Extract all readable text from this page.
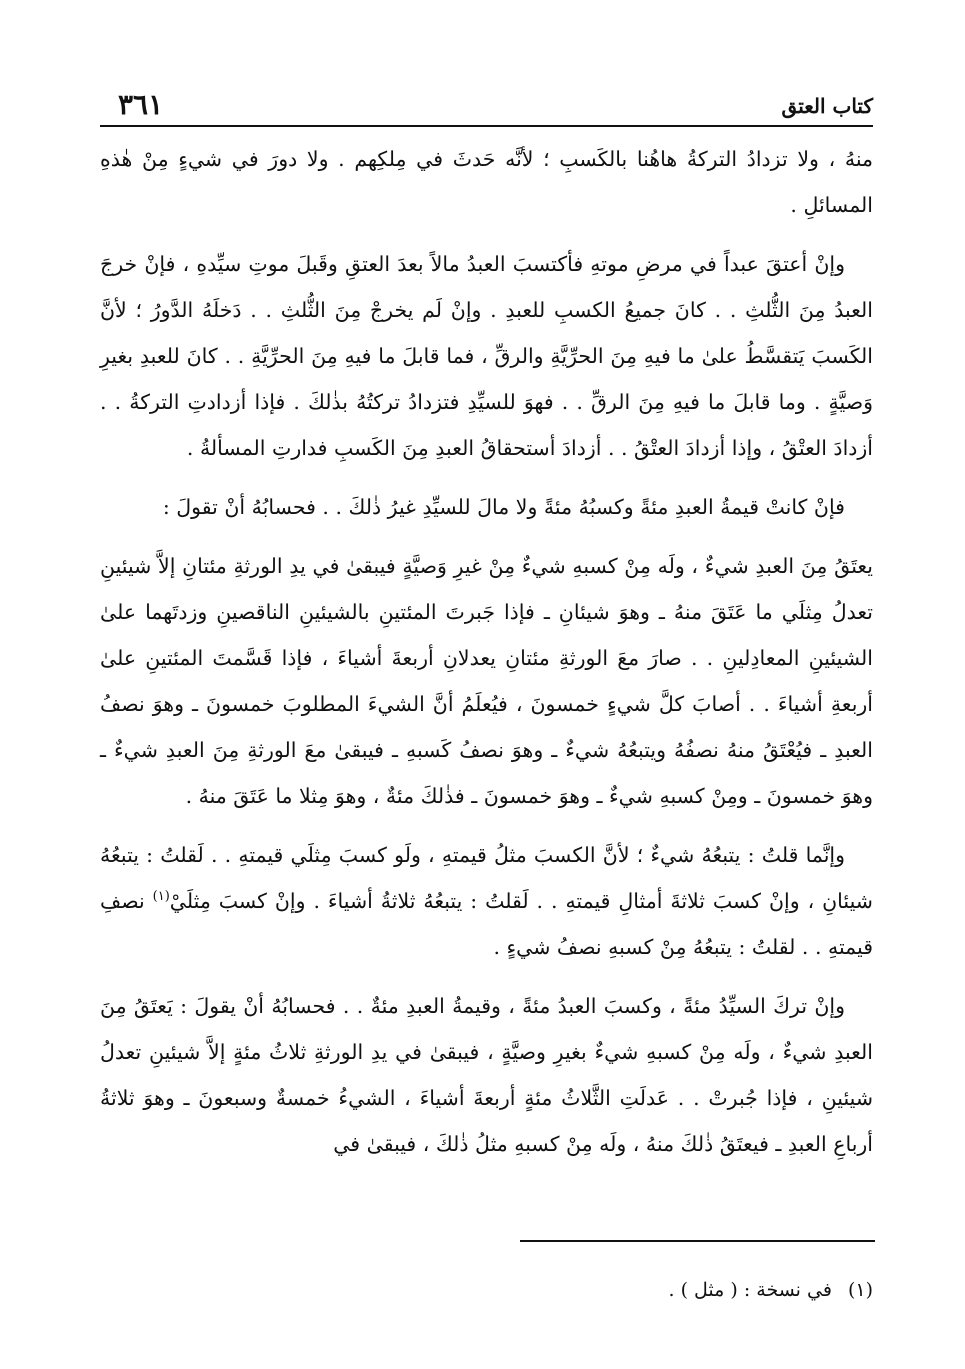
كتاب العتق
٣٦١

منهُ ، ولا تزدادُ التركةُ هاهُنا بالكَسبِ ؛ لأنَّه حَدثَ في مِلكِهم . ولا دورَ في شيءٍ مِنْ هٰذهِ المسائلِ .

وإنْ أعتقَ عبداً في مرضِ موتهِ فأكتسبَ العبدُ مالاً بعدَ العتقِ وقَبلَ موتِ سيِّدهِ ، فإنْ خرجَ العبدُ مِنَ الثُّلثِ . . كانَ جميعُ الكسبِ للعبدِ . وإنْ لَم يخرجْ مِنَ الثُّلثِ . . دَخلَهُ الدَّورُ ؛ لأنَّ الكَسبَ يَتقسَّطُ علىٰ ما فيهِ مِنَ الحرِّيَّةِ والرقِّ ، فما قابلَ ما فيهِ مِنَ الحرِّيَّةِ . . كانَ للعبدِ بغيرِ وَصيَّةٍ . وما قابلَ ما فيهِ مِنَ الرقِّ . . فهوَ للسيِّدِ فتزدادُ تركتُهُ بذٰلكَ . فإذا أزدادتِ التركةُ . . أزدادَ العتْقُ ، وإذا أزدادَ العتْقُ . . أزدادَ أستحقاقُ العبدِ مِنَ الكَسبِ فدارتِ المسألةُ .

فإنْ كانتْ قيمةُ العبدِ مئةً وكسبُهُ مئةً ولا مالَ للسيِّدِ غيرُ ذٰلكَ . . فحسابُهُ أنْ تقولَ :

يعتَقُ مِنَ العبدِ شيءٌ ، ولَه مِنْ كسبهِ شيءٌ مِنْ غيرِ وَصيَّةٍ فيبقىٰ في يدِ الورثةِ مئتانِ إلاَّ شيئينِ تعدلُ مِثلَي ما عَتَقَ منهُ ـ وهوَ شيئانِ ـ فإذا جَبرتَ المئتينِ بالشيئينِ الناقصينِ وزدتَهما علىٰ الشيئينِ المعادِلينِ . . صارَ معَ الورثةِ مئتانِ يعدلانِ أربعةَ أشياءَ ، فإذا قَسَّمتَ المئتينِ علىٰ أربعةِ أشياءَ . . أصابَ كلَّ شيءٍ خمسونَ ، فيُعلَمُ أنَّ الشيءَ المطلوبَ خمسونَ ـ وهوَ نصفُ العبدِ ـ فيُعْتَقُ منهُ نصفُهُ ويتبعُهُ شيءٌ ـ وهوَ نصفُ كَسبهِ ـ فيبقىٰ معَ الورثةِ مِنَ العبدِ شيءٌ ـ وهوَ خمسونَ ـ ومِنْ كسبهِ شيءٌ ـ وهوَ خمسونَ ـ فذٰلكَ مئةٌ ، وهوَ مِثلا ما عَتَقَ منهُ .

وإنَّما قلتُ : يتبعُهُ شيءٌ ؛ لأنَّ الكسبَ مثلُ قيمتهِ ، ولَو كسبَ مِثلَي قيمتهِ . . لَقلتُ : يتبعُهُ شيئانِ ، وإنْ كسبَ ثلاثةَ أمثالِ قيمتهِ . . لَقلتُ : يتبعُهُ ثلاثةُ أشياءَ . وإنْ كسبَ مِثلَيْ$^{(١)}$ نصفِ قيمتهِ . . لقلتُ : يتبعُهُ مِنْ كسبهِ نصفُ شيءٍ .

وإنْ تركَ السيِّدُ مئةً ، وكسبَ العبدُ مئةً ، وقيمةُ العبدِ مئةٌ . . فحسابُهُ أنْ يقولَ : يَعتَقُ مِنَ العبدِ شيءٌ ، ولَه مِنْ كسبهِ شيءٌ بغيرِ وصيَّةٍ ، فيبقىٰ في يدِ الورثةِ ثلاثُ مئةٍ إلاَّ شيئينِ تعدلُ شيئينِ ، فإذا جُبرتْ . . عَدلَتِ الثَّلاثُ مئةٍ أربعةَ أشياءَ ، الشيءُ خمسةٌ وسبعونَ ـ وهوَ ثلاثةُ أرباعِ العبدِ ـ فيعتَقُ ذٰلكَ منهُ ، ولَه مِنْ كسبهِ مثلُ ذٰلكَ ، فيبقىٰ في

(١)في نسخة : ( مثل ) .
